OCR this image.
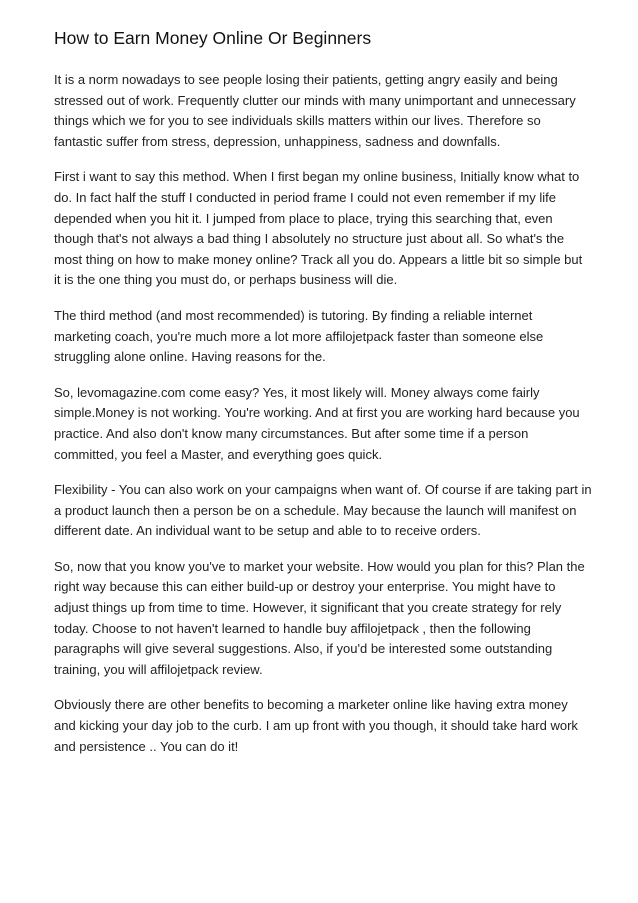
How to Earn Money Online Or Beginners

It is a norm nowadays to see people losing their patients, getting angry easily and being stressed out of work. Frequently clutter our minds with many unimportant and unnecessary things which we for you to see individuals skills matters within our lives. Therefore so fantastic suffer from stress, depression, unhappiness, sadness and downfalls.

First i want to say this method. When I first began my online business, Initially know what to do. In fact half the stuff I conducted in period frame I could not even remember if my life depended when you hit it. I jumped from place to place, trying this searching that, even though that's not always a bad thing I absolutely no structure just about all. So what's the most thing on how to make money online? Track all you do. Appears a little bit so simple but it is the one thing you must do, or perhaps business will die.

The third method (and most recommended) is tutoring. By finding a reliable internet marketing coach, you're much more a lot more affilojetpack faster than someone else struggling alone online. Having reasons for the.

So, levomagazine.com come easy? Yes, it most likely will. Money always come fairly simple.Money is not working. You're working. And at first you are working hard because you practice. And also don't know many circumstances. But after some time if a person committed, you feel a Master, and everything goes quick.

Flexibility - You can also work on your campaigns when want of. Of course if are taking part in a product launch then a person be on a schedule. May because the launch will manifest on different date. An individual want to be setup and able to to receive orders.

So, now that you know you've to market your website. How would you plan for this? Plan the right way because this can either build-up or destroy your enterprise. You might have to adjust things up from time to time. However, it significant that you create strategy for rely today. Choose to not haven't learned to handle buy affilojetpack , then the following paragraphs will give several suggestions. Also, if you'd be interested some outstanding training, you will affilojetpack review.

Obviously there are other benefits to becoming a marketer online like having extra money and kicking your day job to the curb. I am up front with you though, it should take hard work and persistence .. You can do it!
